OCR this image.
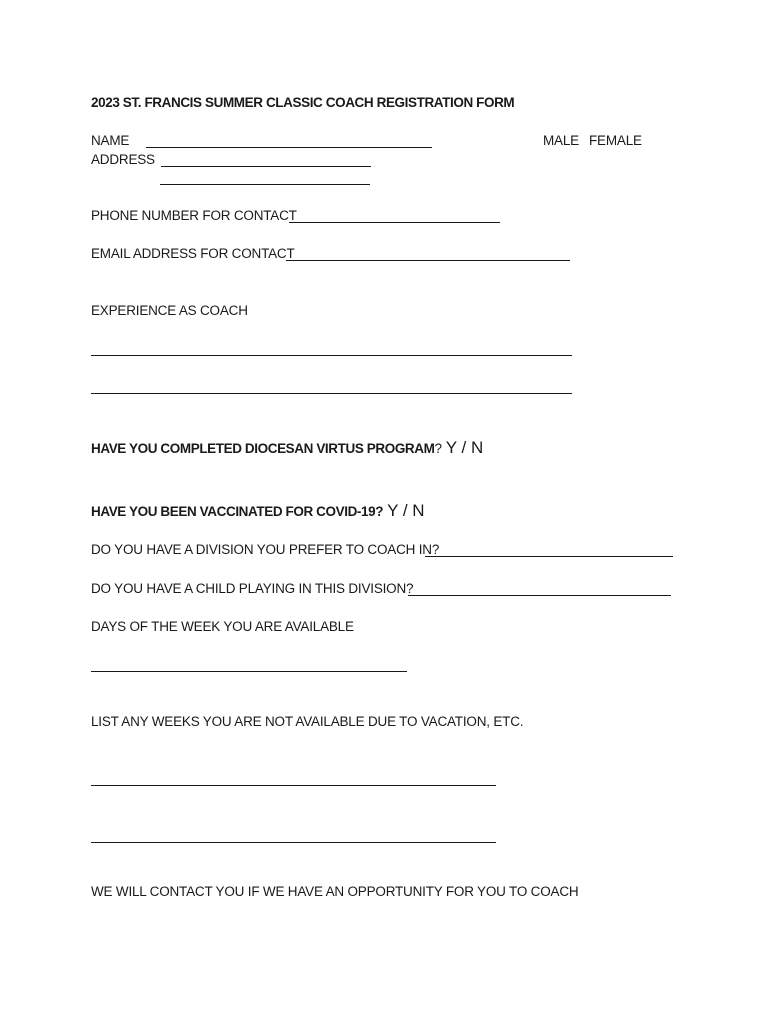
2023 ST. FRANCIS SUMMER CLASSIC COACH REGISTRATION FORM
NAME	MALE FEMALE
ADDRESS
PHONE NUMBER FOR CONTACT
EMAIL ADDRESS FOR CONTACT
EXPERIENCE AS COACH
HAVE YOU COMPLETED DIOCESAN VIRTUS PROGRAM? Y / N
HAVE YOU BEEN VACCINATED FOR COVID-19? Y / N
DO YOU HAVE A DIVISION YOU PREFER TO COACH IN?
DO YOU HAVE A CHILD PLAYING IN THIS DIVISION?
DAYS OF THE WEEK YOU ARE AVAILABLE
LIST ANY WEEKS YOU ARE NOT AVAILABLE DUE TO VACATION, ETC.
WE WILL CONTACT YOU IF WE HAVE AN OPPORTUNITY FOR YOU TO COACH
